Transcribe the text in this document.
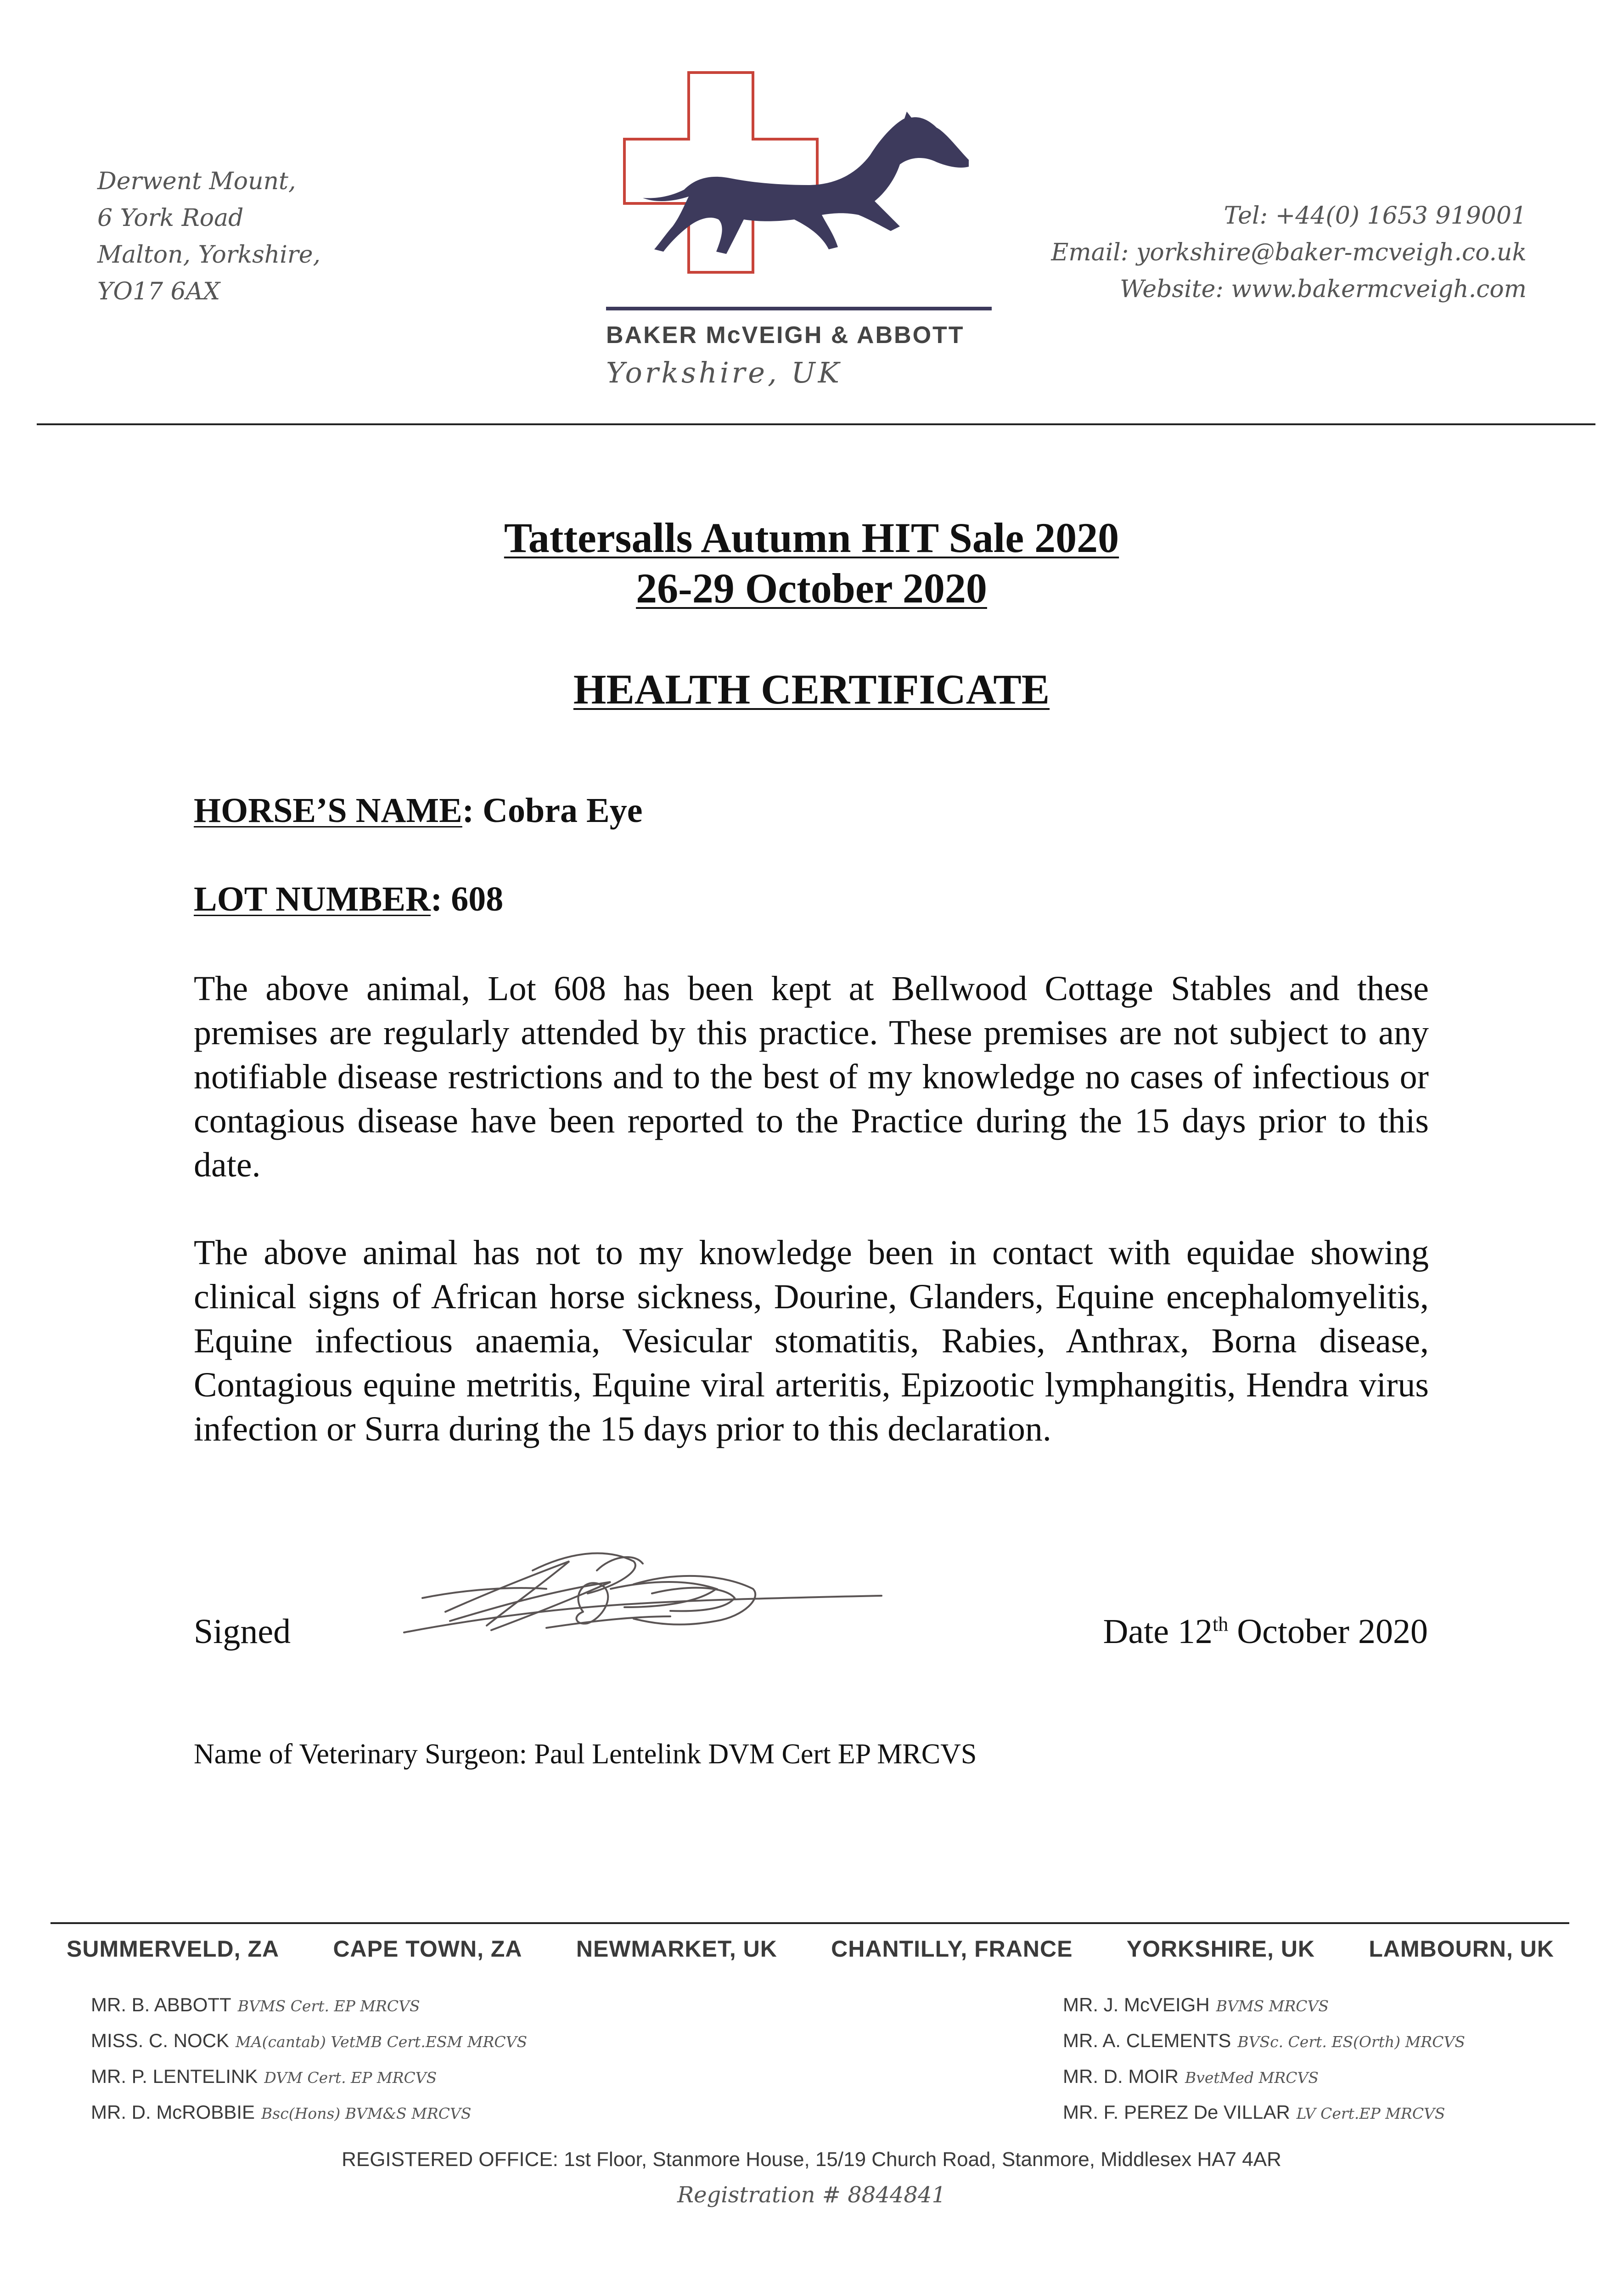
Derwent Mount,
6 York Road
Malton, Yorkshire,
YO17 6AX
BAKER McVEIGH & ABBOTT
Yorkshire, UK
Tel: +44(0) 1653 919001
Email: yorkshire@baker-mcveigh.co.uk
Website: www.bakermcveigh.com
Tattersalls Autumn HIT Sale 2020
26-29 October 2020
HEALTH CERTIFICATE
HORSE’S NAME: Cobra Eye
LOT NUMBER: 608
The above animal, Lot 608 has been kept at Bellwood Cottage Stables and these premises are regularly attended by this practice. These premises are not subject to any notifiable disease restrictions and to the best of my knowledge no cases of infectious or contagious disease have been reported to the Practice during the 15 days prior to this date.
The above animal has not to my knowledge been in contact with equidae showing clinical signs of African horse sickness, Dourine, Glanders, Equine encephalomyelitis, Equine infectious anaemia, Vesicular stomatitis, Rabies, Anthrax, Borna disease, Contagious equine metritis, Equine viral arteritis, Epizootic lymphangitis, Hendra virus infection or Surra during the 15 days prior to this declaration.
Signed	Date 12th October 2020
Name of Veterinary Surgeon: Paul Lentelink DVM Cert EP MRCVS
SUMMERVELD, ZA CAPE TOWN, ZA NEWMARKET, UK CHANTILLY, FRANCE YORKSHIRE, UK LAMBOURN, UK
MR. B. ABBOTT BVMS Cert. EP MRCVS
MISS. C. NOCK MA(cantab) VetMB Cert.ESM MRCVS
MR. P. LENTELINK DVM Cert. EP MRCVS
MR. D. McROBBIE Bsc(Hons) BVM&S MRCVS
MR. J. McVEIGH BVMS MRCVS
MR. A. CLEMENTS BVSc. Cert. ES(Orth) MRCVS
MR. D. MOIR BvetMed MRCVS
MR. F. PEREZ De VILLAR LV Cert.EP MRCVS
REGISTERED OFFICE: 1st Floor, Stanmore House, 15/19 Church Road, Stanmore, Middlesex HA7 4AR
Registration # 8844841
